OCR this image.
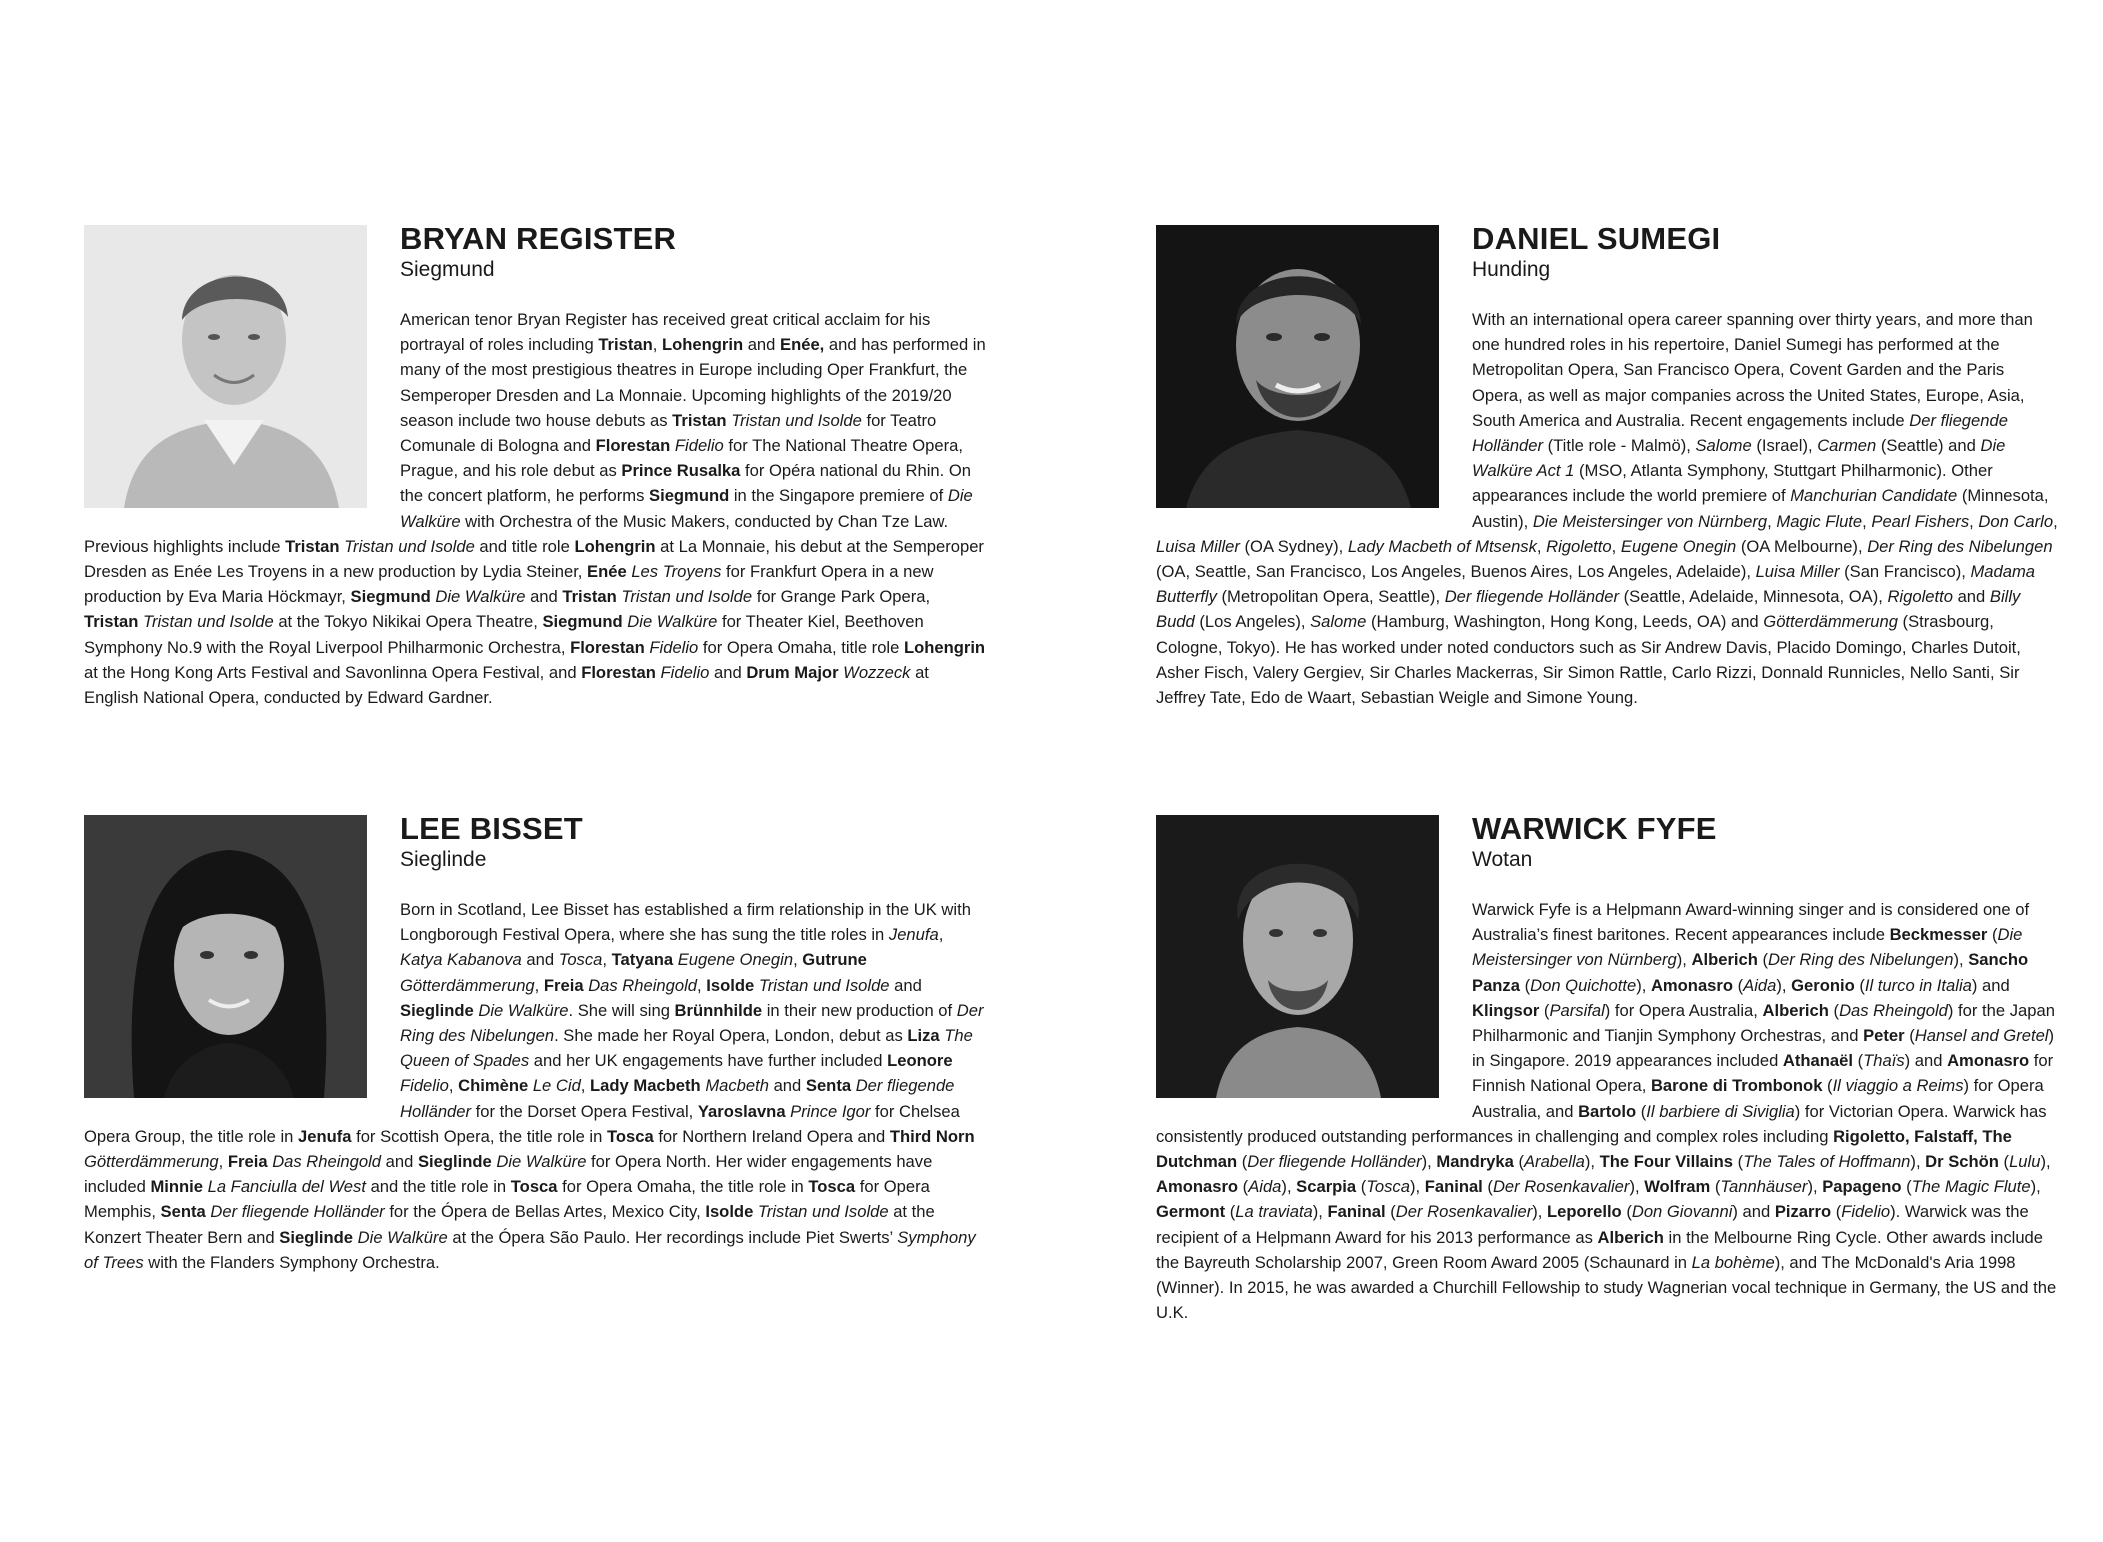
BRYAN REGISTER
Siegmund

American tenor Bryan Register has received great critical acclaim for his portrayal of roles including Tristan, Lohengrin and Enée, and has performed in many of the most prestigious theatres in Europe including Oper Frankfurt, the Semperoper Dresden and La Monnaie. Upcoming highlights of the 2019/20 season include two house debuts as Tristan Tristan und Isolde for Teatro Comunale di Bologna and Florestan Fidelio for The National Theatre Opera, Prague, and his role debut as Prince Rusalka for Opéra national du Rhin. On the concert platform, he performs Siegmund in the Singapore premiere of Die Walküre with Orchestra of the Music Makers, conducted by Chan Tze Law. Previous highlights include Tristan Tristan und Isolde and title role Lohengrin at La Monnaie, his debut at the Semperoper Dresden as Enée Les Troyens in a new production by Lydia Steiner, Enée Les Troyens for Frankfurt Opera in a new production by Eva Maria Höckmayr, Siegmund Die Walküre and Tristan Tristan und Isolde for Grange Park Opera, Tristan Tristan und Isolde at the Tokyo Nikikai Opera Theatre, Siegmund Die Walküre for Theater Kiel, Beethoven Symphony No.9 with the Royal Liverpool Philharmonic Orchestra, Florestan Fidelio for Opera Omaha, title role Lohengrin at the Hong Kong Arts Festival and Savonlinna Opera Festival, and Florestan Fidelio and Drum Major Wozzeck at English National Opera, conducted by Edward Gardner.

DANIEL SUMEGI
Hunding

With an international opera career spanning over thirty years, and more than one hundred roles in his repertoire, Daniel Sumegi has performed at the Metropolitan Opera, San Francisco Opera, Covent Garden and the Paris Opera, as well as major companies across the United States, Europe, Asia, South America and Australia. Recent engagements include Der fliegende Holländer (Title role - Malmö), Salome (Israel), Carmen (Seattle) and Die Walküre Act 1 (MSO, Atlanta Symphony, Stuttgart Philharmonic). Other appearances include the world premiere of Manchurian Candidate (Minnesota, Austin), Die Meistersinger von Nürnberg, Magic Flute, Pearl Fishers, Don Carlo, Luisa Miller (OA Sydney), Lady Macbeth of Mtsensk, Rigoletto, Eugene Onegin (OA Melbourne), Der Ring des Nibelungen (OA, Seattle, San Francisco, Los Angeles, Buenos Aires, Los Angeles, Adelaide), Luisa Miller (San Francisco), Madama Butterfly (Metropolitan Opera, Seattle), Der fliegende Holländer (Seattle, Adelaide, Minnesota, OA), Rigoletto and Billy Budd (Los Angeles), Salome (Hamburg, Washington, Hong Kong, Leeds, OA) and Götterdämmerung (Strasbourg, Cologne, Tokyo). He has worked under noted conductors such as Sir Andrew Davis, Placido Domingo, Charles Dutoit, Asher Fisch, Valery Gergiev, Sir Charles Mackerras, Sir Simon Rattle, Carlo Rizzi, Donnald Runnicles, Nello Santi, Sir Jeffrey Tate, Edo de Waart, Sebastian Weigle and Simone Young.

LEE BISSET
Sieglinde

Born in Scotland, Lee Bisset has established a firm relationship in the UK with Longborough Festival Opera, where she has sung the title roles in Jenufa, Katya Kabanova and Tosca, Tatyana Eugene Onegin, Gutrune Götterdämmerung, Freia Das Rheingold, Isolde Tristan und Isolde and Sieglinde Die Walküre. She will sing Brünnhilde in their new production of Der Ring des Nibelungen. She made her Royal Opera, London, debut as Liza The Queen of Spades and her UK engagements have further included Leonore Fidelio, Chimène Le Cid, Lady Macbeth Macbeth and Senta Der fliegende Holländer for the Dorset Opera Festival, Yaroslavna Prince Igor for Chelsea Opera Group, the title role in Jenufa for Scottish Opera, the title role in Tosca for Northern Ireland Opera and Third Norn Götterdämmerung, Freia Das Rheingold and Sieglinde Die Walküre for Opera North. Her wider engagements have included Minnie La Fanciulla del West and the title role in Tosca for Opera Omaha, the title role in Tosca for Opera Memphis, Senta Der fliegende Holländer for the Ópera de Bellas Artes, Mexico City, Isolde Tristan und Isolde at the Konzert Theater Bern and Sieglinde Die Walküre at the Ópera São Paulo. Her recordings include Piet Swerts’ Symphony of Trees with the Flanders Symphony Orchestra.

WARWICK FYFE
Wotan

Warwick Fyfe is a Helpmann Award-winning singer and is considered one of Australia’s finest baritones. Recent appearances include Beckmesser (Die Meistersinger von Nürnberg), Alberich (Der Ring des Nibelungen), Sancho Panza (Don Quichotte), Amonasro (Aida), Geronio (Il turco in Italia) and Klingsor (Parsifal) for Opera Australia, Alberich (Das Rheingold) for the Japan Philharmonic and Tianjin Symphony Orchestras, and Peter (Hansel and Gretel) in Singapore. 2019 appearances included Athanaël (Thaïs) and Amonasro for Finnish National Opera, Barone di Trombonok (Il viaggio a Reims) for Opera Australia, and Bartolo (Il barbiere di Siviglia) for Victorian Opera. Warwick has consistently produced outstanding performances in challenging and complex roles including Rigoletto, Falstaff, The Dutchman (Der fliegende Holländer), Mandryka (Arabella), The Four Villains (The Tales of Hoffmann), Dr Schön (Lulu), Amonasro (Aida), Scarpia (Tosca), Faninal (Der Rosenkavalier), Wolfram (Tannhäuser), Papageno (The Magic Flute), Germont (La traviata), Faninal (Der Rosenkavalier), Leporello (Don Giovanni) and Pizarro (Fidelio). Warwick was the recipient of a Helpmann Award for his 2013 performance as Alberich in the Melbourne Ring Cycle. Other awards include the Bayreuth Scholarship 2007, Green Room Award 2005 (Schaunard in La bohème), and The McDonald's Aria 1998 (Winner). In 2015, he was awarded a Churchill Fellowship to study Wagnerian vocal technique in Germany, the US and the U.K.
